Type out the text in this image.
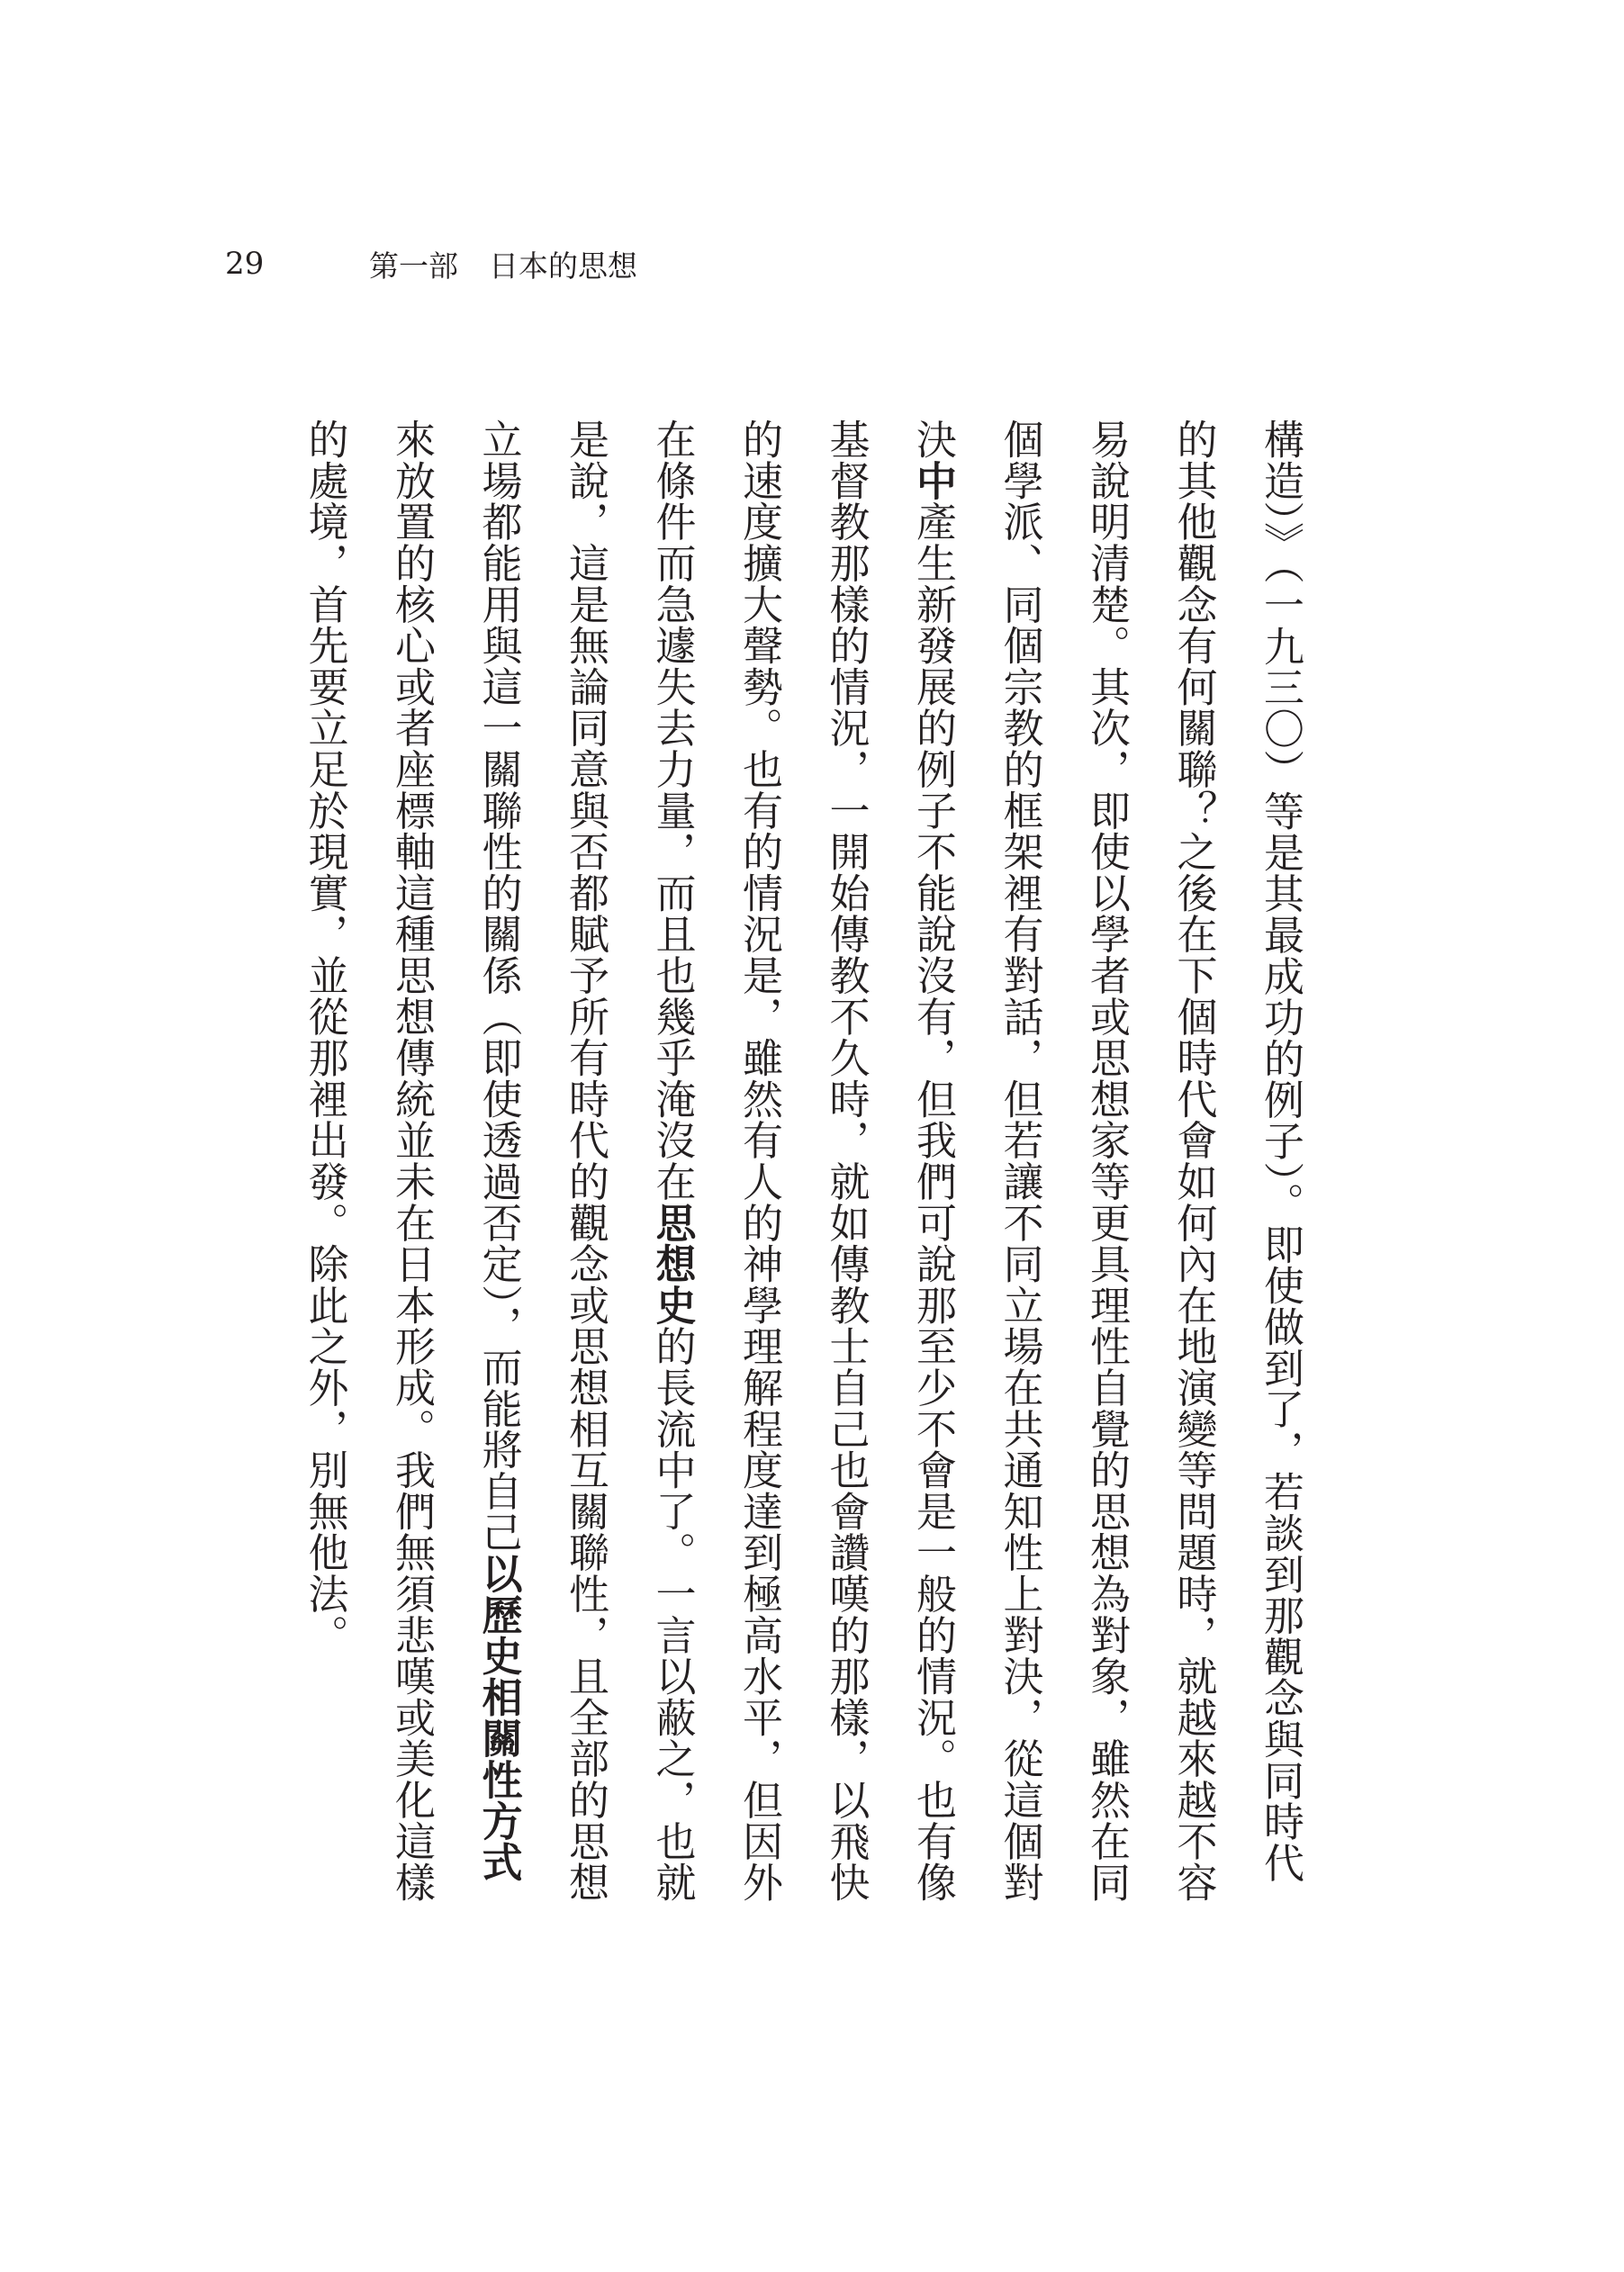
29	第一部 日本的思想
構造）》（一九三〇）等是其最成功的例子）。即使做到了，若談到那觀念與同時代
的其他觀念有何關聯？之後在下個時代會如何內在地演變等問題時，就越來越不容
易說明清楚。其次，即使以學者或思想家等更具理性自覺的思想為對象，雖然在同
個學派、同個宗教的框架裡有對話，但若讓不同立場在共通知性上對決，從這個對
決中產生新發展的例子不能說沒有，但我們可說那至少不會是一般的情況。也有像
基督教那樣的情況，一開始傳教不久時，就如傳教士自己也會讚嘆的那樣，以飛快
的速度擴大聲勢。也有的情況是，雖然有人的神學理解程度達到極高水平，但因外
在條件而急遽失去力量，而且也幾乎淹沒在思想史的長流中了。一言以蔽之，也就
是說，這是無論同意與否都賦予所有時代的觀念或思想相互關聯性，且全部的思想
立場都能用與這一關聯性的關係（即使透過否定），而能將自己以歷史相關性方式
來放置的核心或者座標軸這種思想傳統並未在日本形成。我們無須悲嘆或美化這樣
的處境，首先要立足於現實，並從那裡出發。除此之外，別無他法。
